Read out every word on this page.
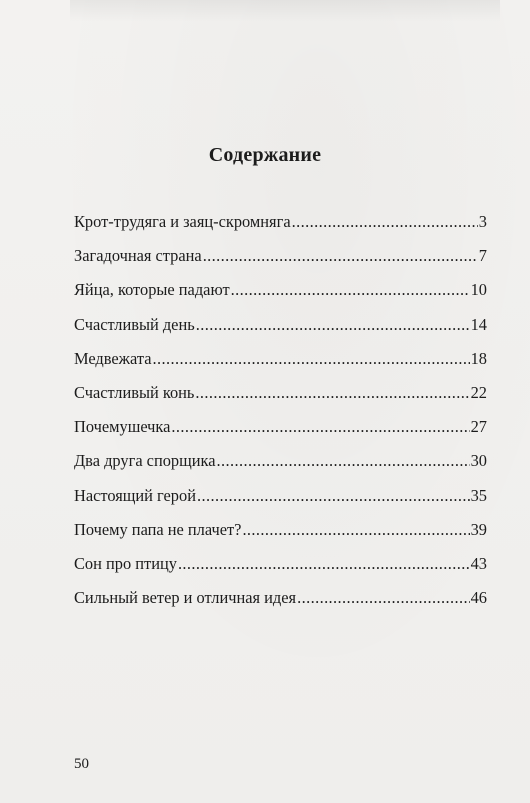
Содержание
Крот-трудяга и заяц-скромняга .....	3
Загадочная страна .....	7
Яйца, которые падают .....	10
Счастливый день .....	14
Медвежата .....	18
Счастливый конь .....	22
Почемушечка .....	27
Два друга спорщика .....	30
Настоящий герой .....	35
Почему папа не плачет? .....	39
Сон про птицу .....	43
Сильный ветер и отличная идея .....	46
50
